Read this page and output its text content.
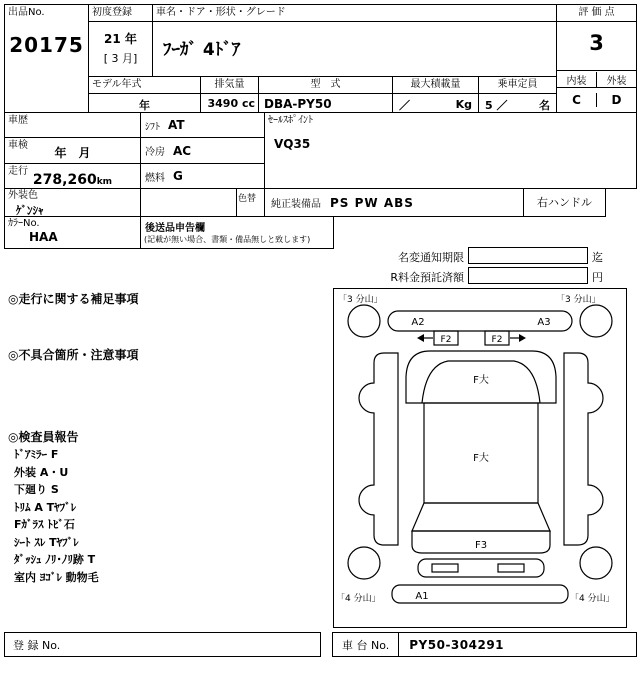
出品No.
20175
初度登録
21 年
[ 3 月]
車名・ドア・形状・グレード
ﾌｰｶﾞ 4ﾄﾞｱ
評 価 点
3
モデル年式
年
排気量
3490 cc
型　式
DBA-PY50
最大積載量
／	Kg
乗車定員
5 ／	名
内装	外装
C	D
車歴
ｼﾌﾄ AT	ｾｰﾙｽﾎﾟｲﾝﾄ
VQ35
車検
年　月	冷房 AC
走行
278,260km	燃料 G
外装色
ｹﾞﾝｼｬ
色替	純正装備品 PS PW ABS	右ハンドル
ｶﾗｰNo.
HAA
後送品申告欄
(記載が無い場合、書類・備品無しと致します)
名変通知期限	迄
R料金預託済額	円
◎走行に関する補足事項
◎不具合箇所・注意事項
◎検査員報告
ﾄﾞｱﾐﾗｰ F
外装 A・U
下廻り S
ﾄﾘﾑ A Tﾔﾌﾞﾚ
Fｶﾞﾗｽ ﾄﾋﾞ石
ｼｰﾄ ｽﾚ Tﾔﾌﾞﾚ
ﾀﾞｯｼｭ ﾉﾘ･ﾉﾘ跡 T
室内 ﾖｺﾞﾚ 動物毛
「3 分山」	「3 分山」
「4 分山」	「4 分山」
A2	A3
F2	F2
F大
F大
F3
A1
登 録 No.	車 台 No.	PY50-304291
